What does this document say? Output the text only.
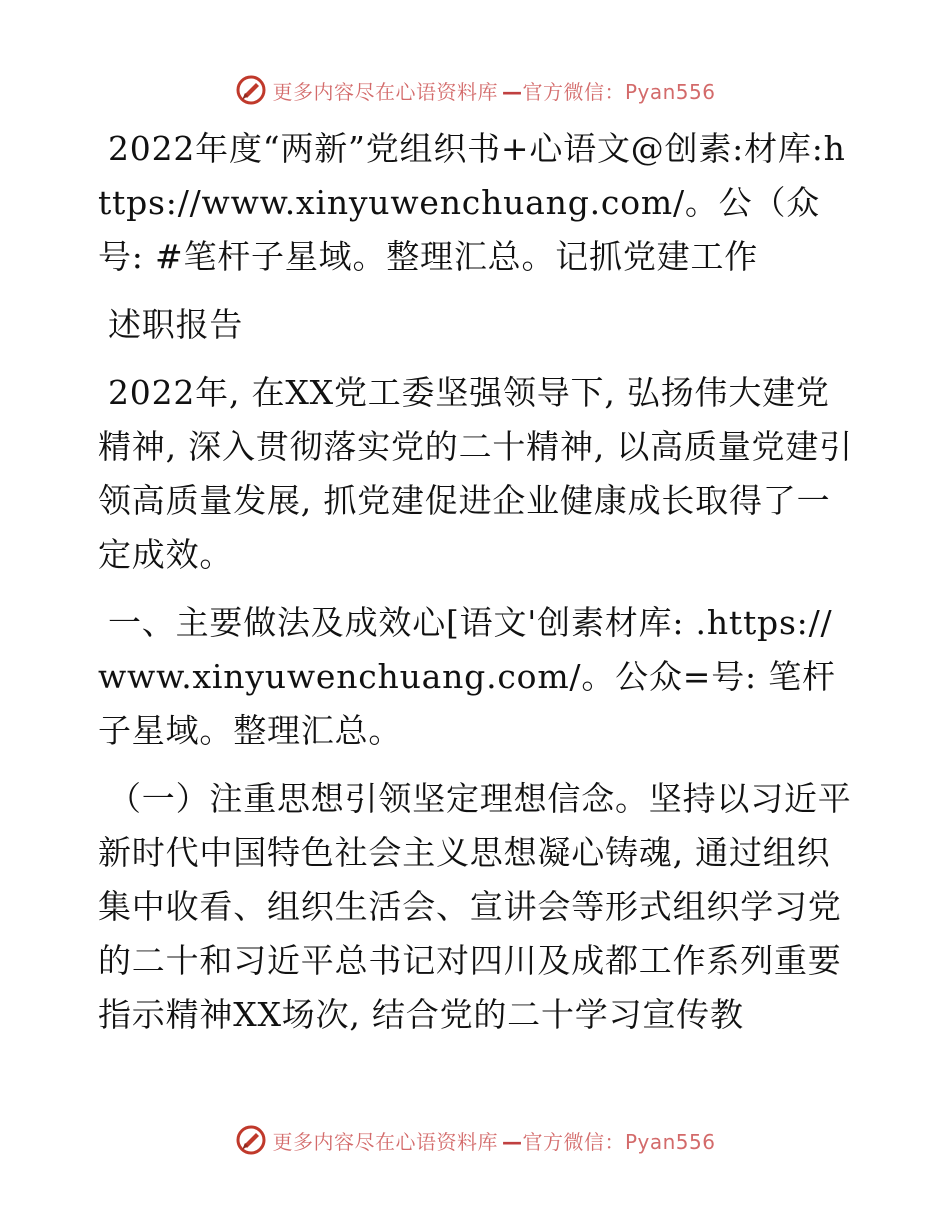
更多内容尽在心语资料库 —官方微信：Pyan556

2022年度“两新”党组织书+心语文@创素:材库:https://www.xinyuwenchuang.com/。公（众号: #笔杆子星域。整理汇总。记抓党建工作

述职报告

2022年, 在XX党工委坚强领导下, 弘扬伟大建党精神, 深入贯彻落实党的二十精神, 以高质量党建引领高质量发展, 抓党建促进企业健康成长取得了一定成效。

一、主要做法及成效心[语文'创素材库: .https://www.xinyuwenchuang.com/。公众=号: 笔杆子星域。整理汇总。

（一）注重思想引领坚定理想信念。坚持以习近平新时代中国特色社会主义思想凝心铸魂, 通过组织集中收看、组织生活会、宣讲会等形式组织学习党的二十和习近平总书记对四川及成都工作系列重要指示精神XX场次, 结合党的二十学习宣传教

更多内容尽在心语资料库 —官方微信：Pyan556
